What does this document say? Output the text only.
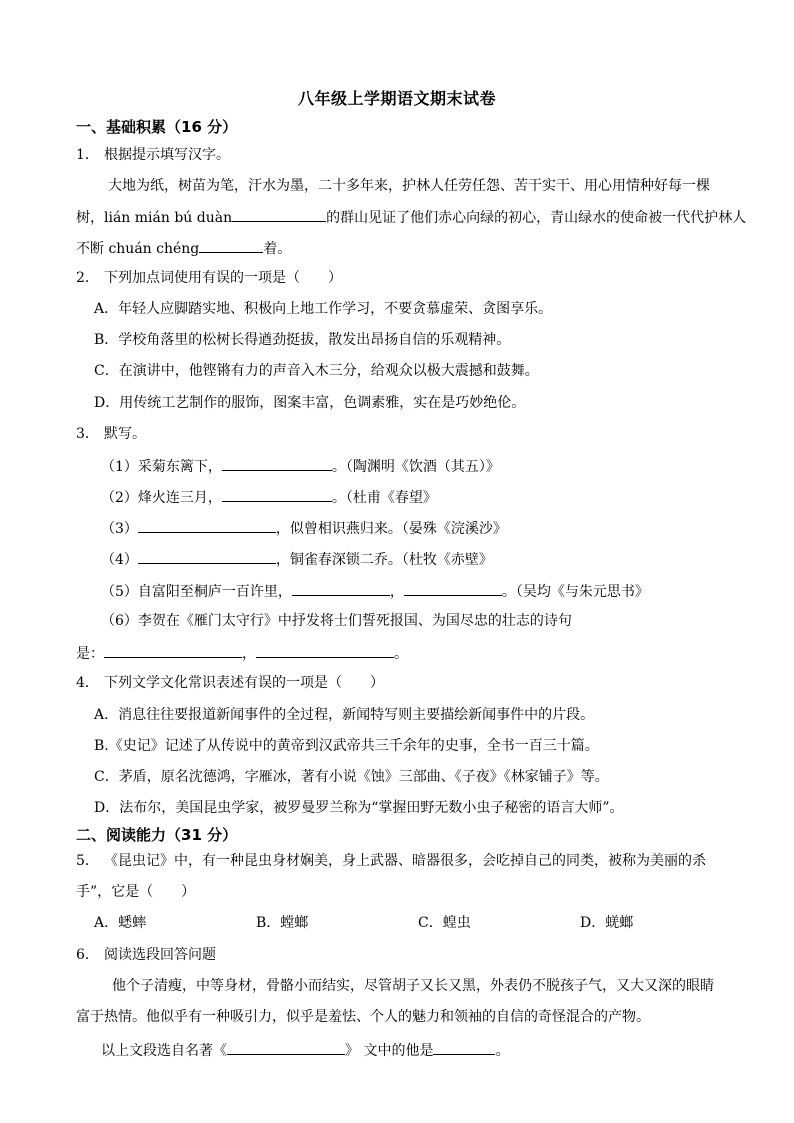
八年级上学期语文期末试卷
一、基础积累（16 分）
1． 根据提示填写汉字。
大地为纸，树苗为笔，汗水为墨，二十多年来，护林人任劳任怨、苦干实干、用心用情种好每一棵
树，lián mián bú duàn	的群山见证了他们赤心向绿的初心，青山绿水的使命被一代代护林人
不断 chuán chéng	着。
2． 下列加点词使用有误的一项是（　　）
A．年轻人应脚踏实地、积极向上地工作学习，不要贪慕虚荣、贪图享乐。
B．学校角落里的松树长得遒劲挺拔，散发出昂扬自信的乐观精神。
C．在演讲中，他铿锵有力的声音入木三分，给观众以极大震撼和鼓舞。
D．用传统工艺制作的服饰，图案丰富，色调素雅，实在是巧妙绝伦。
3． 默写。
（1）采菊东篱下，	。（陶渊明《饮酒（其五）》
（2）烽火连三月，	。（杜甫《春望》
（3）	，似曾相识燕归来。（晏殊《浣溪沙》
（4）	，铜雀春深锁二乔。（杜牧《赤壁》
（5）自富阳至桐庐一百许里，	，	。（吴均《与朱元思书》
（6）李贺在《雁门太守行》中抒发将士们誓死报国、为国尽忠的壮志的诗句
是：	，	。
4． 下列文学文化常识表述有误的一项是（　　）
A．消息往往要报道新闻事件的全过程，新闻特写则主要描绘新闻事件中的片段。
B.《史记》记述了从传说中的黄帝到汉武帝共三千余年的史事，全书一百三十篇。
C．茅盾，原名沈德鸿，字雁冰，著有小说《蚀》三部曲、《子夜》《林家铺子》等。
D．法布尔，美国昆虫学家，被罗曼罗兰称为“掌握田野无数小虫子秘密的语言大师”。
二、阅读能力（31 分）
5． 《昆虫记》中，有一种昆虫身材娴美，身上武器、暗器很多，会吃掉自己的同类，被称为美丽的杀
手”，它是（　　）
A．蟋蟀	B．螳螂	C．蝗虫	D．蜣螂
6． 阅读选段回答问题
他个子清瘦，中等身材，骨骼小而结实，尽管胡子又长又黑，外表仍不脱孩子气，又大又深的眼睛
富于热情。他似乎有一种吸引力，似乎是羞怯、个人的魅力和领袖的自信的奇怪混合的产物。
以上文段选自名著《	》 文中的他是	。
